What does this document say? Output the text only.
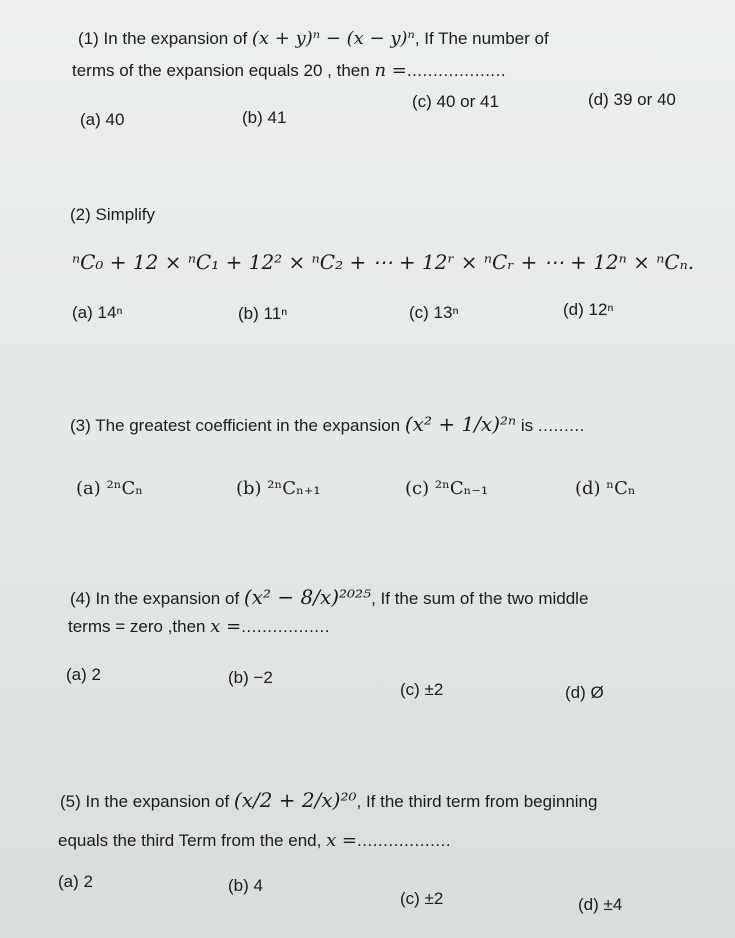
(1) In the expansion of (x + y)ⁿ − (x − y)ⁿ, If The number of
terms of the expansion equals 20 , then n =...................
(a) 40	(b) 41
(c) 40 or 41	(d) 39 or 40
(2) Simplify
ⁿC₀ + 12 × ⁿC₁ + 12² × ⁿC₂ + ⋯ + 12ʳ × ⁿCᵣ + ⋯ + 12ⁿ × ⁿCₙ.
(a) 14ⁿ	(b) 11ⁿ	(c) 13ⁿ	(d) 12ⁿ
(3) The greatest coefficient in the expansion (x² + 1/x)²ⁿ is .........
(a) ²ⁿCₙ	(b) ²ⁿCₙ₊₁	(c) ²ⁿCₙ₋₁	(d) ⁿCₙ
(4) In the expansion of (x² − 8/x)²⁰²⁵, If the sum of the two middle
terms = zero ,then x =.................
(a) 2	(b) −2
(c) ±2	(d) Ø
(5) In the expansion of (x/2 + 2/x)²⁰, If the third term from beginning
equals the third Term from the end, x =..................
(a) 2	(b) 4
(c) ±2	(d) ±4
